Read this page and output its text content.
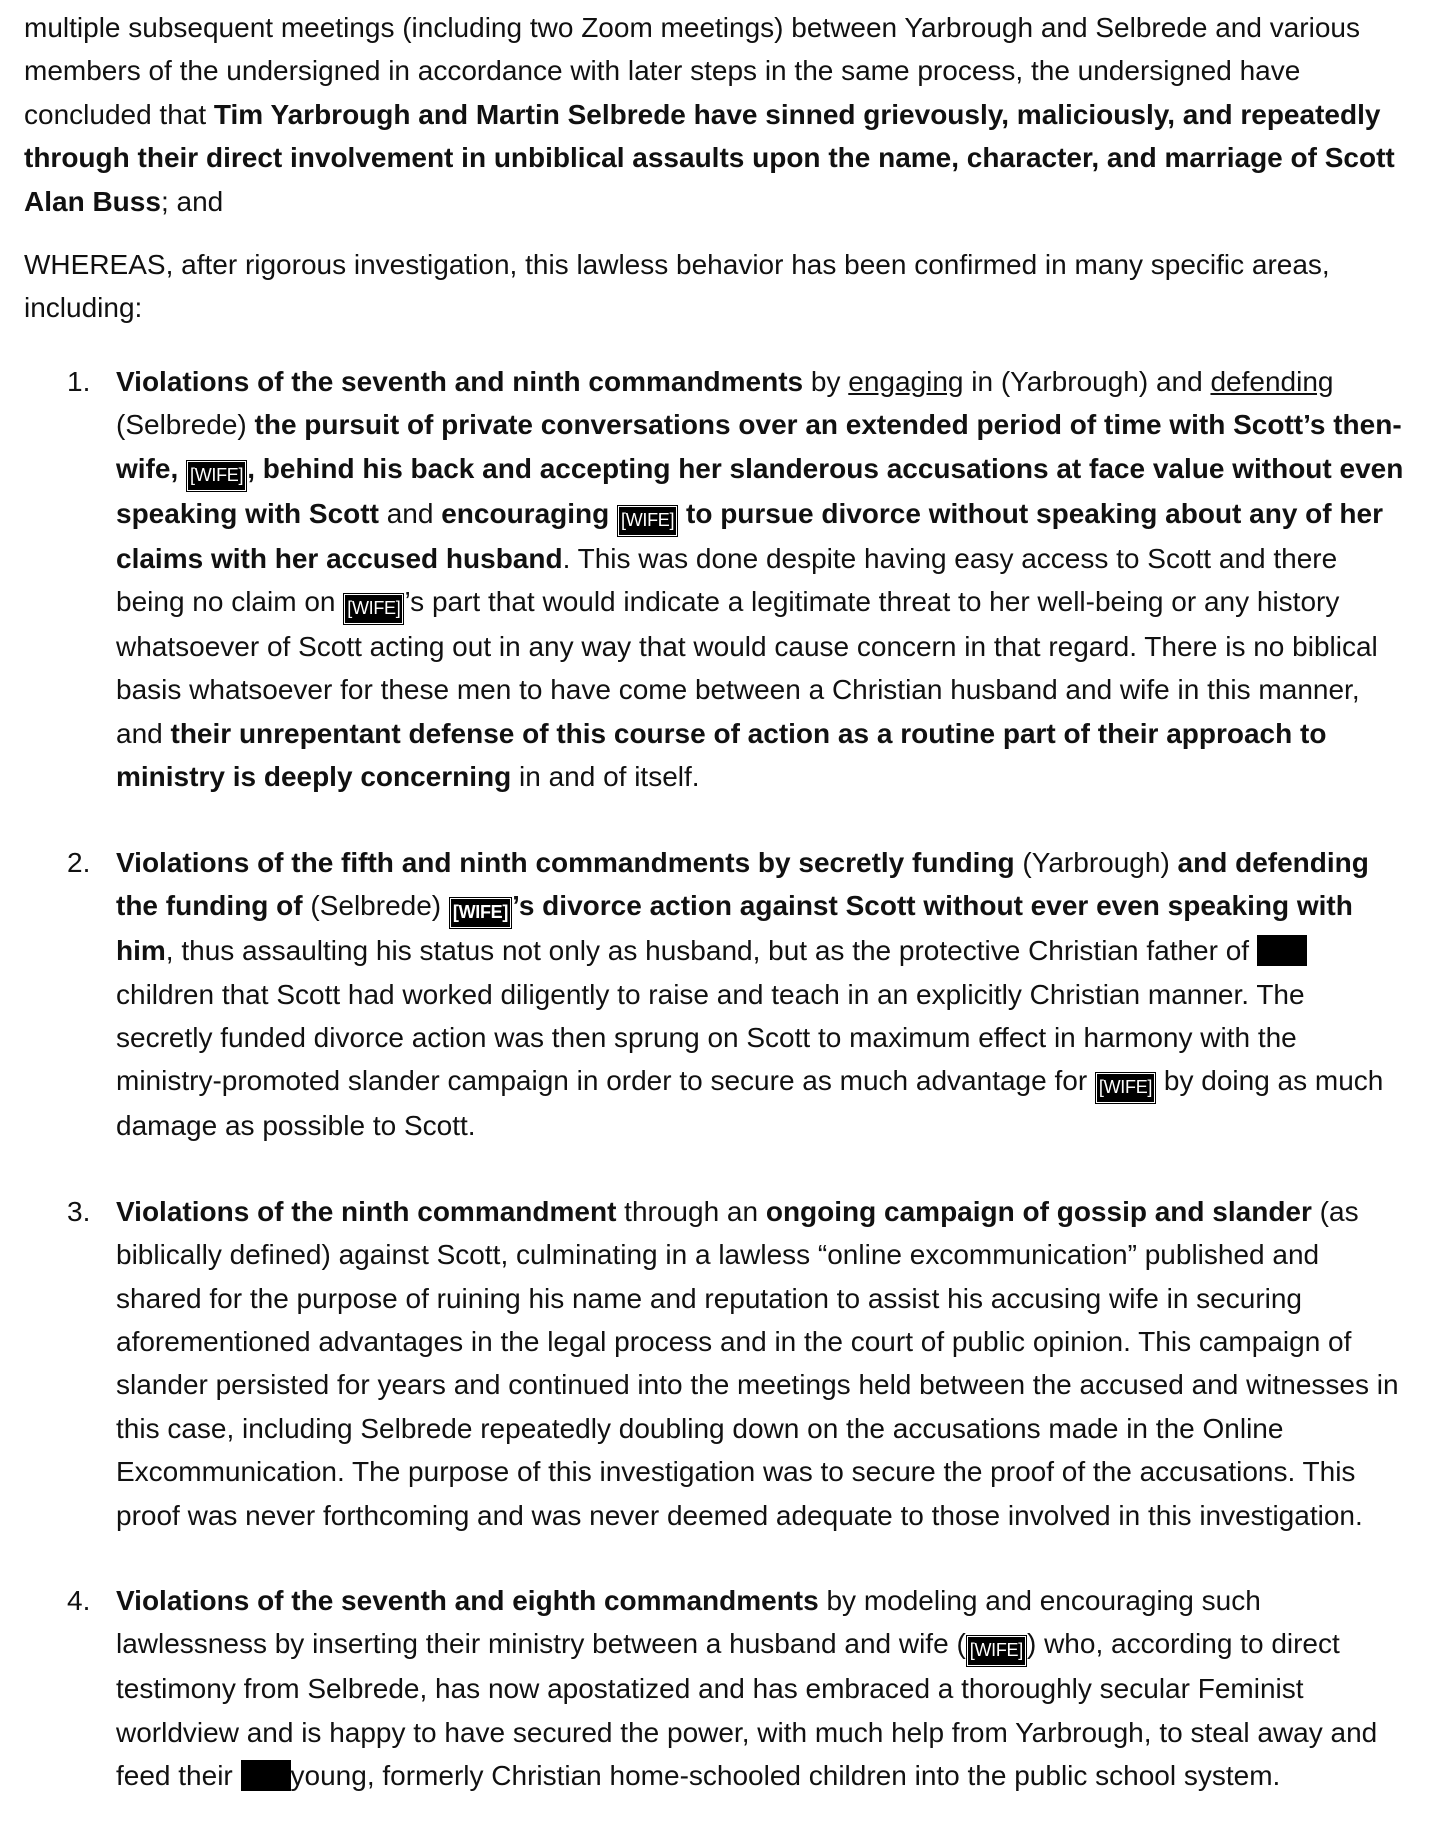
multiple subsequent meetings (including two Zoom meetings) between Yarbrough and Selbrede and various members of the undersigned in accordance with later steps in the same process, the undersigned have concluded that Tim Yarbrough and Martin Selbrede have sinned grievously, maliciously, and repeatedly through their direct involvement in unbiblical assaults upon the name, character, and marriage of Scott Alan Buss; and

WHEREAS, after rigorous investigation, this lawless behavior has been confirmed in many specific areas, including:

1. Violations of the seventh and ninth commandments by engaging in (Yarbrough) and defending (Selbrede) the pursuit of private conversations over an extended period of time with Scott’s then-wife, [WIFE] , behind his back and accepting her slanderous accusations at face value without even speaking with Scott and encouraging [WIFE] to pursue divorce without speaking about any of her claims with her accused husband. This was done despite having easy access to Scott and there being no claim on [WIFE] ’s part that would indicate a legitimate threat to her well-being or any history whatsoever of Scott acting out in any way that would cause concern in that regard. There is no biblical basis whatsoever for these men to have come between a Christian husband and wife in this manner, and their unrepentant defense of this course of action as a routine part of their approach to ministry is deeply concerning in and of itself.
2. Violations of the fifth and ninth commandments by secretly funding (Yarbrough) and defending the funding of (Selbrede) [WIFE] ’s divorce action against Scott without ever even speaking with him, thus assaulting his status not only as husband, but as the protective Christian father of  children that Scott had worked diligently to raise and teach in an explicitly Christian manner. The secretly funded divorce action was then sprung on Scott to maximum effect in harmony with the ministry-promoted slander campaign in order to secure as much advantage for [WIFE] by doing as much damage as possible to Scott.
3. Violations of the ninth commandment through an ongoing campaign of gossip and slander (as biblically defined) against Scott, culminating in a lawless “online excommunication” published and shared for the purpose of ruining his name and reputation to assist his accusing wife in securing aforementioned advantages in the legal process and in the court of public opinion. This campaign of slander persisted for years and continued into the meetings held between the accused and witnesses in this case, including Selbrede repeatedly doubling down on the accusations made in the Online Excommunication. The purpose of this investigation was to secure the proof of the accusations. This proof was never forthcoming and was never deemed adequate to those involved in this investigation.
4. Violations of the seventh and eighth commandments by modeling and encouraging such lawlessness by inserting their ministry between a husband and wife ( [WIFE] ) who, according to direct testimony from Selbrede, has now apostatized and has embraced a thoroughly secular Feminist worldview and is happy to have secured the power, with much help from Yarbrough, to steal away and feed their young, formerly Christian home-schooled children into the public school system.
